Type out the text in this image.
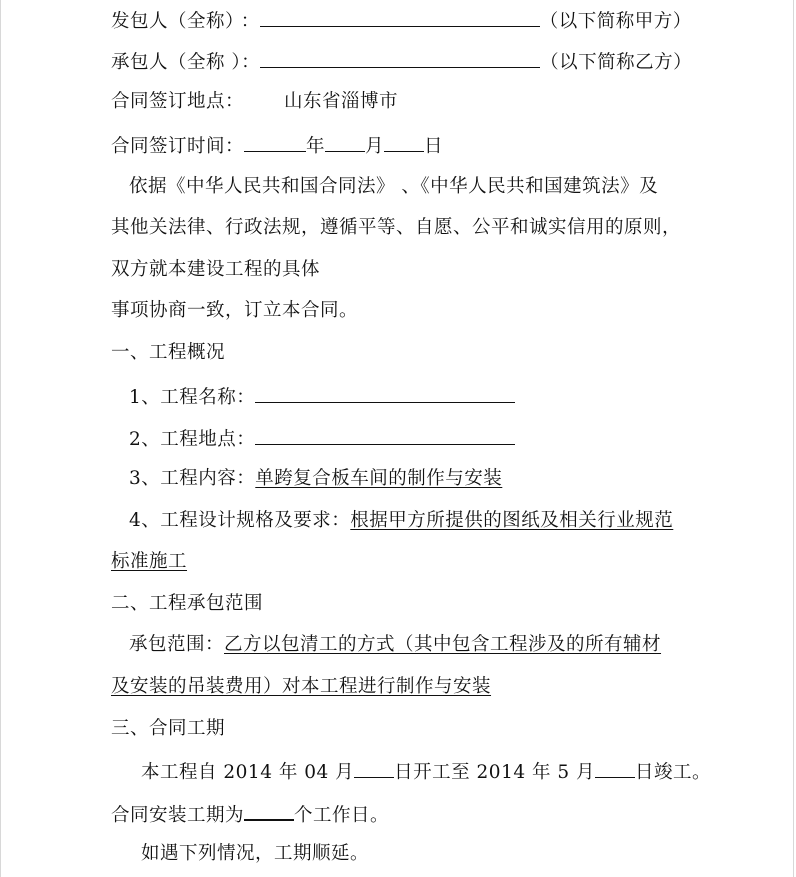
发包人（全称） ：	（以下简称甲方）
承包人（全称 ）：	（以下简称乙方）
合同签订地点： 山东省淄博市
合同签订时间：	年 月 日
依据《中华人民共和国合同法》 、《中华人民共和国建筑法》及
其他关法律、行政法规，遵循平等、自愿、公平和诚实信用的原则，
双方就本建设工程的具体
事项协商一致，订立本合同。
一、工程概况
1、工程名称：
2、工程地点：
3、工程内容：单跨复合板车间的制作与安装
4、工程设计规格及要求：根据甲方所提供的图纸及相关行业规范
标准施工
二、工程承包范围
承包范围：乙方以包清工的方式（其中包含工程涉及的所有辅材
及安装的吊装费用）对本工程进行制作与安装
三、合同工期
本工程自 2014 年 04 月 日开工至 2014 年 5 月 日竣工。
合同安装工期为	个工作日。
如遇下列情况，工期顺延。
